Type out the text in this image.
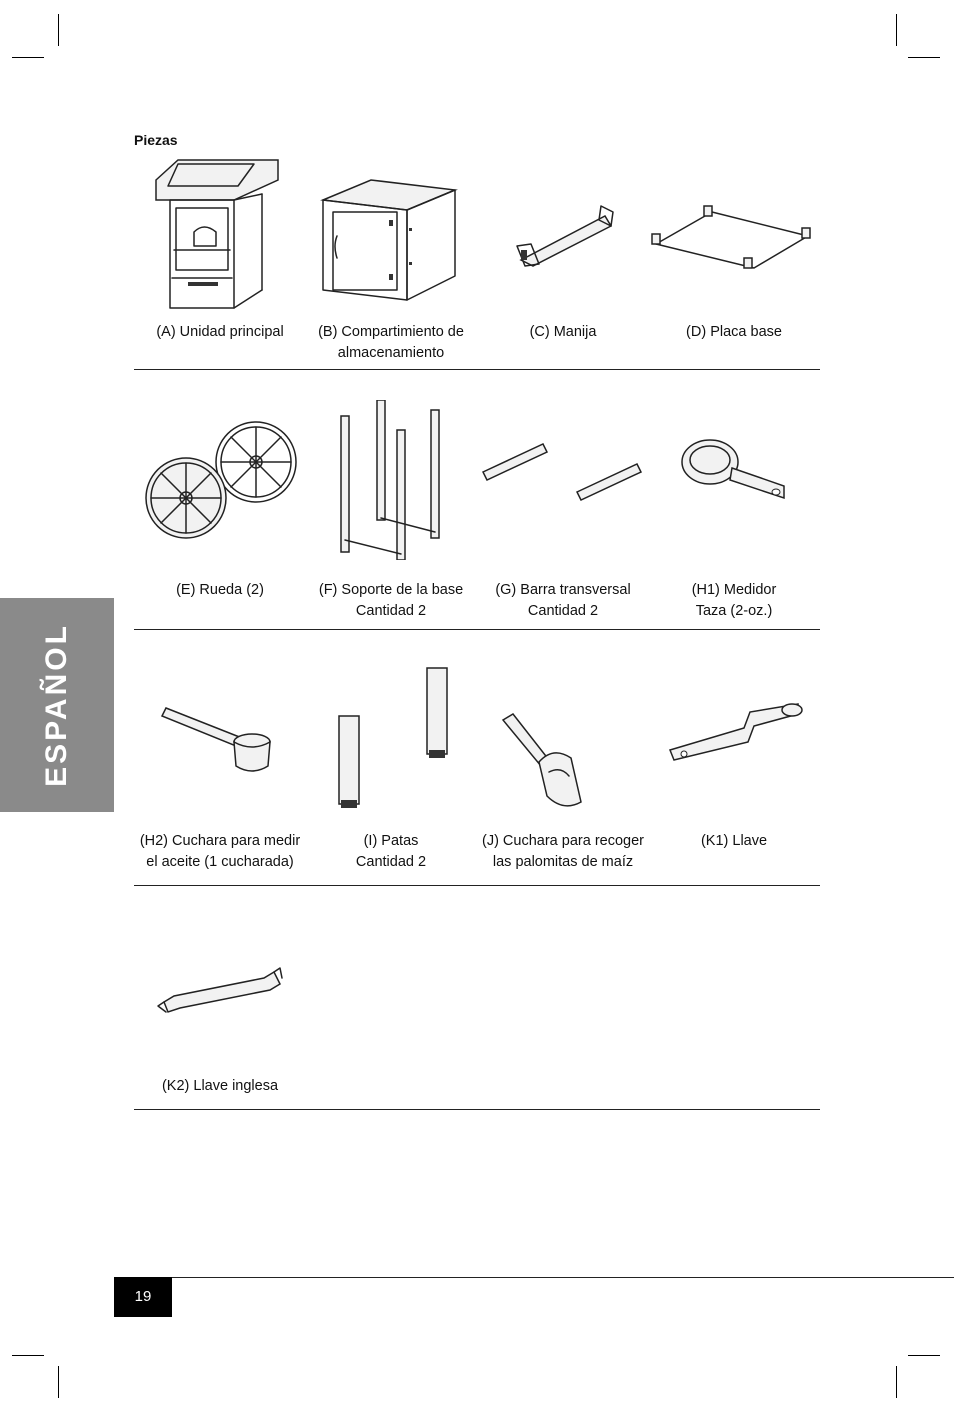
Piezas
ESPAÑOL
(A) Unidad principal	(B) Compartimiento de
almacenamiento
(C) Manija	(D) Placa base
(E) Rueda (2)	(F) Soporte de la base
Cantidad 2
(G) Barra transversal
Cantidad 2
(H1) Medidor
Taza (2-oz.)
(H2) Cuchara para medir
el aceite (1 cucharada)
(I) Patas
Cantidad 2
(J) Cuchara para recoger
las palomitas de maíz
(K1) Llave
(K2) Llave inglesa
19
